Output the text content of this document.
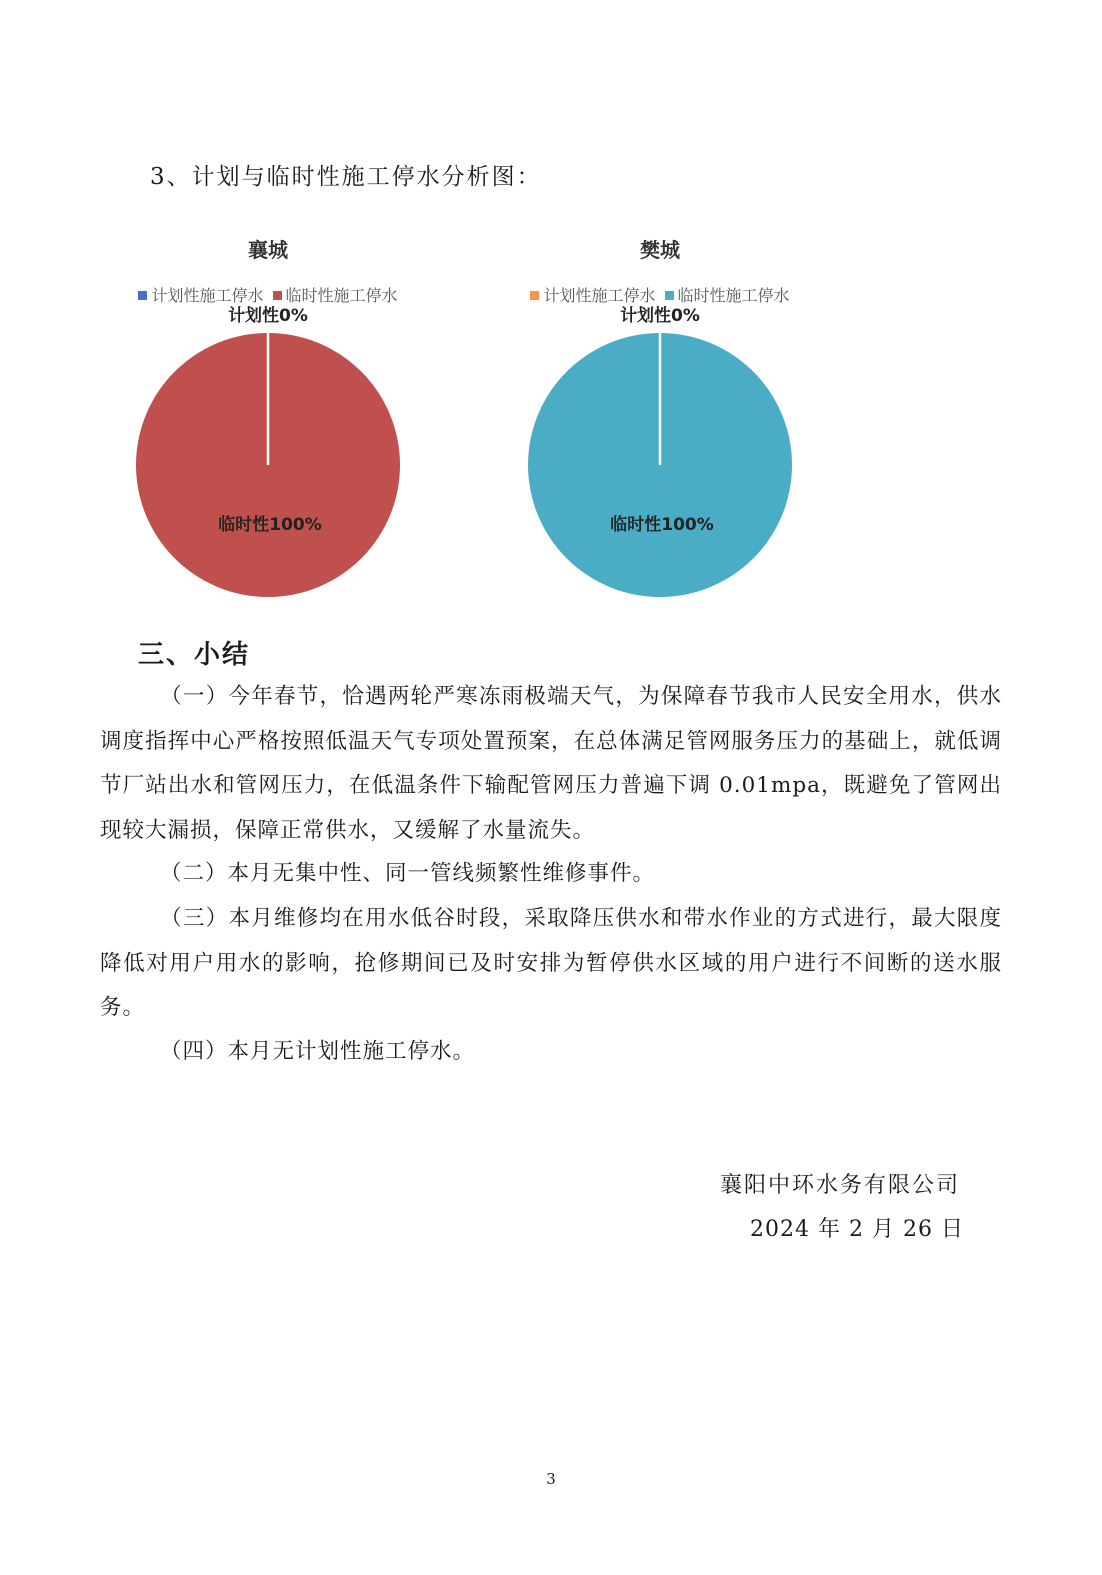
3、计划与临时性施工停水分析图：
襄城
计划性施工停水 临时性施工停水
计划性0%
临时性100%
樊城
计划性施工停水 临时性施工停水
计划性0%
临时性100%
三、小结

（一）今年春节，恰遇两轮严寒冻雨极端天气，为保障春节我市人民安全用水，供水调度指挥中心严格按照低温天气专项处置预案，在总体满足管网服务压力的基础上，就低调节厂站出水和管网压力，在低温条件下输配管网压力普遍下调 0.01mpa，既避免了管网出现较大漏损，保障正常供水，又缓解了水量流失。

（二）本月无集中性、同一管线频繁性维修事件。

（三）本月维修均在用水低谷时段，采取降压供水和带水作业的方式进行，最大限度降低对用户用水的影响，抢修期间已及时安排为暂停供水区域的用户进行不间断的送水服务。

（四）本月无计划性施工停水。

襄阳中环水务有限公司
2024 年 2 月 26 日
3
